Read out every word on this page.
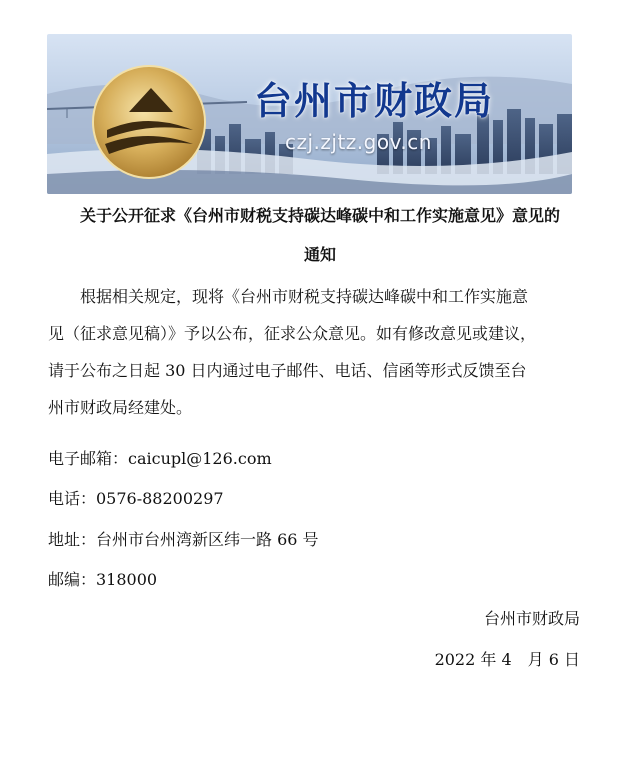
台州市财政局
czj.zjtz.gov.cn
关于公开征求《台州市财税支持碳达峰碳中和工作实施意见》意见的
通知
根据相关规定，现将《台州市财税支持碳达峰碳中和工作实施意
见（征求意见稿）》予以公布，征求公众意见。如有修改意见或建议，
请于公布之日起 30 日内通过电子邮件、电话、信函等形式反馈至台
州市财政局经建处。
电子邮箱：caicupl@126.com
电话：0576-88200297
地址：台州市台州湾新区纬一路 66 号
邮编：318000
台州市财政局
2022 年 4　月 6 日
